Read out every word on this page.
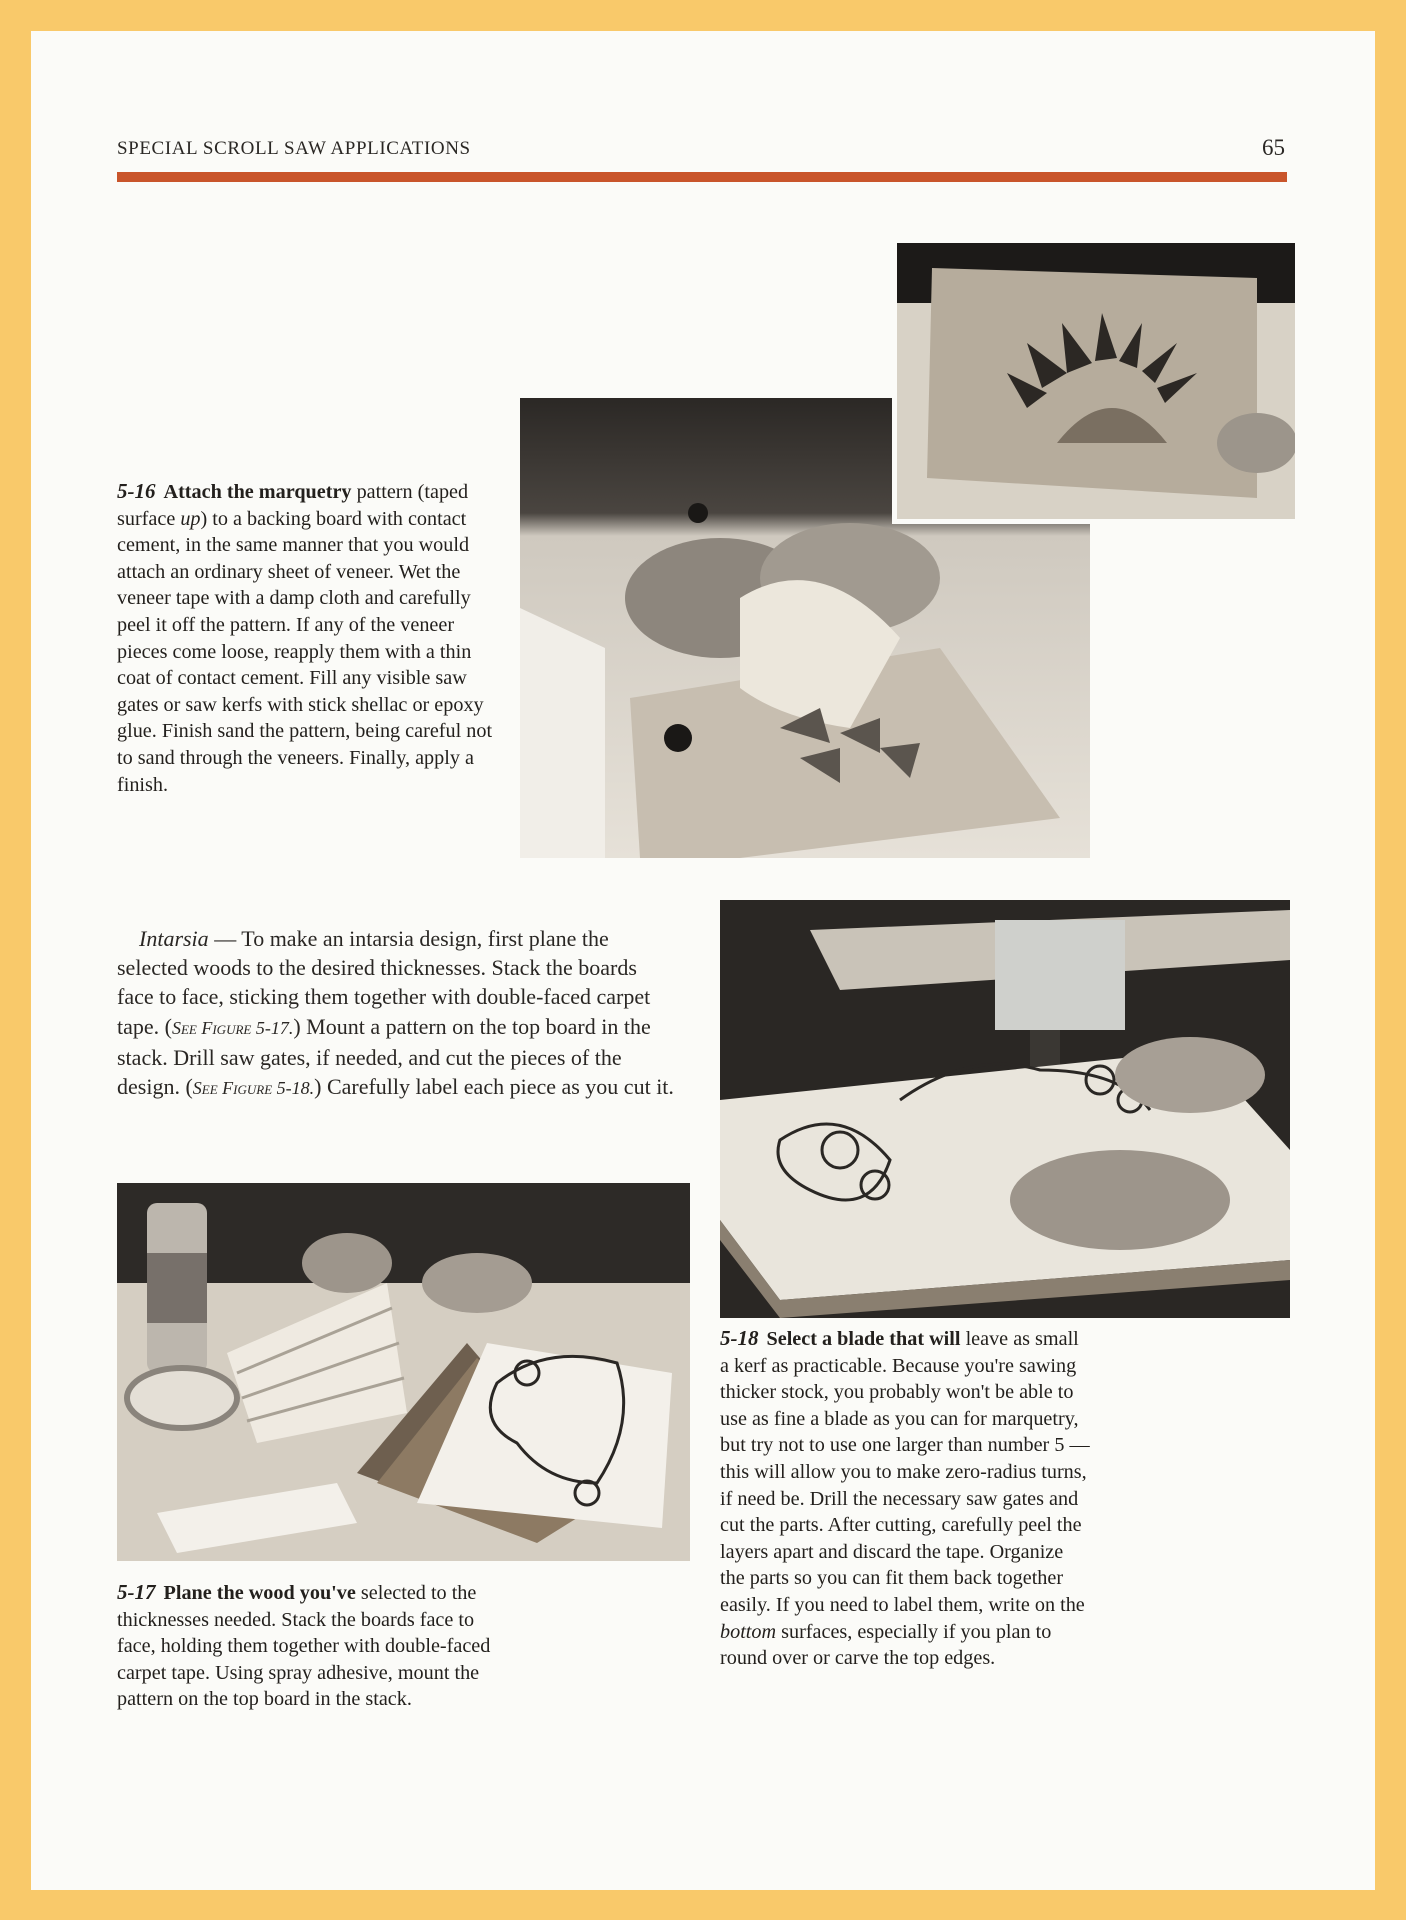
SPECIAL SCROLL SAW APPLICATIONS	65

5-16 Attach the marquetry pattern (taped surface up) to a backing board with contact cement, in the same manner that you would attach an ordinary sheet of veneer. Wet the veneer tape with a damp cloth and carefully peel it off the pattern. If any of the veneer pieces come loose, reapply them with a thin coat of contact cement. Fill any visible saw gates or saw kerfs with stick shellac or epoxy glue. Finish sand the pattern, being careful not to sand through the veneers. Finally, apply a finish.

Intarsia — To make an intarsia design, first plane the selected woods to the desired thicknesses. Stack the boards face to face, sticking them together with double-faced carpet tape. (See Figure 5-17.) Mount a pattern on the top board in the stack. Drill saw gates, if needed, and cut the pieces of the design. (See Figure 5-18.) Carefully label each piece as you cut it.

5-17 Plane the wood you've selected to the thicknesses needed. Stack the boards face to face, holding them together with double-faced carpet tape. Using spray adhesive, mount the pattern on the top board in the stack.

5-18 Select a blade that will leave as small a kerf as practicable. Because you're sawing thicker stock, you probably won't be able to use as fine a blade as you can for marquetry, but try not to use one larger than number 5 — this will allow you to make zero-radius turns, if need be. Drill the necessary saw gates and cut the parts. After cutting, carefully peel the layers apart and discard the tape. Organize the parts so you can fit them back together easily. If you need to label them, write on the bottom surfaces, especially if you plan to round over or carve the top edges.
